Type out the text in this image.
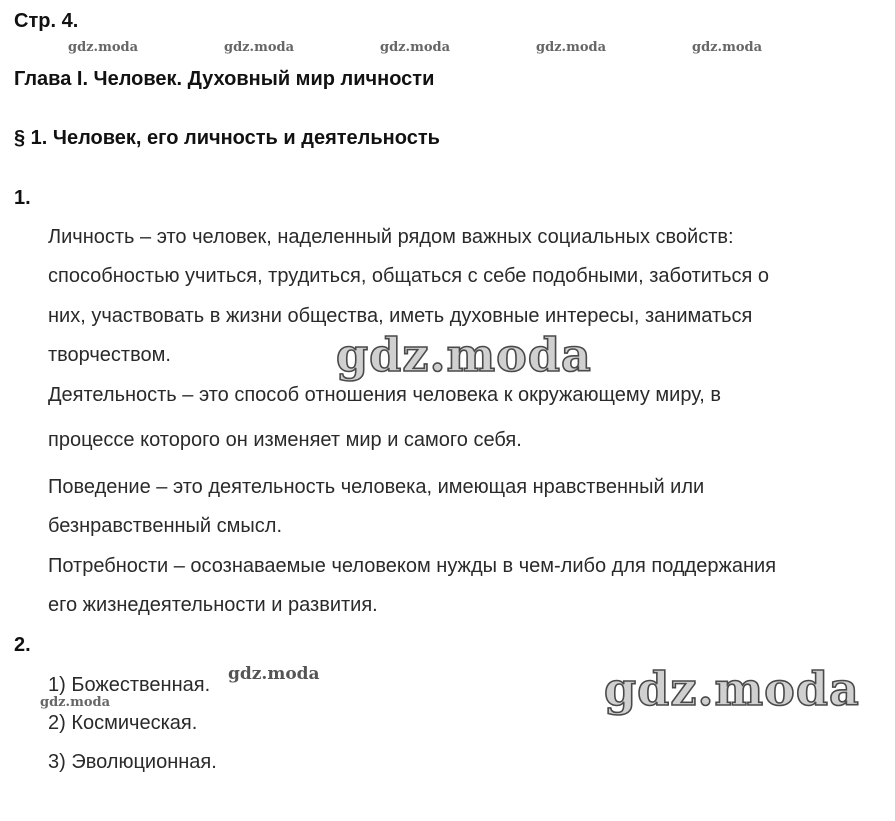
Стр. 4.
gdz.moda	gdz.moda	gdz.moda	gdz.moda	gdz.moda
Глава I. Человек. Духовный мир личности
§ 1. Человек, его личность и деятельность
1.
Личность – это человек, наделенный рядом важных социальных свойств:
способностью учиться, трудиться, общаться с себе подобными, заботиться о
них, участвовать в жизни общества, иметь духовные интересы, заниматься
творчеством.
Деятельность – это способ отношения человека к окружающему миру, в
процессе которого он изменяет мир и самого себя.
Поведение – это деятельность человека, имеющая нравственный или
безнравственный смысл.
Потребности – осознаваемые человеком нужды в чем-либо для поддержания
его жизнедеятельности и развития.
gdz.moda
2.
1) Божественная.
2) Космическая.
3) Эволюционная.
gdz.moda
gdz.moda	gdz.moda
